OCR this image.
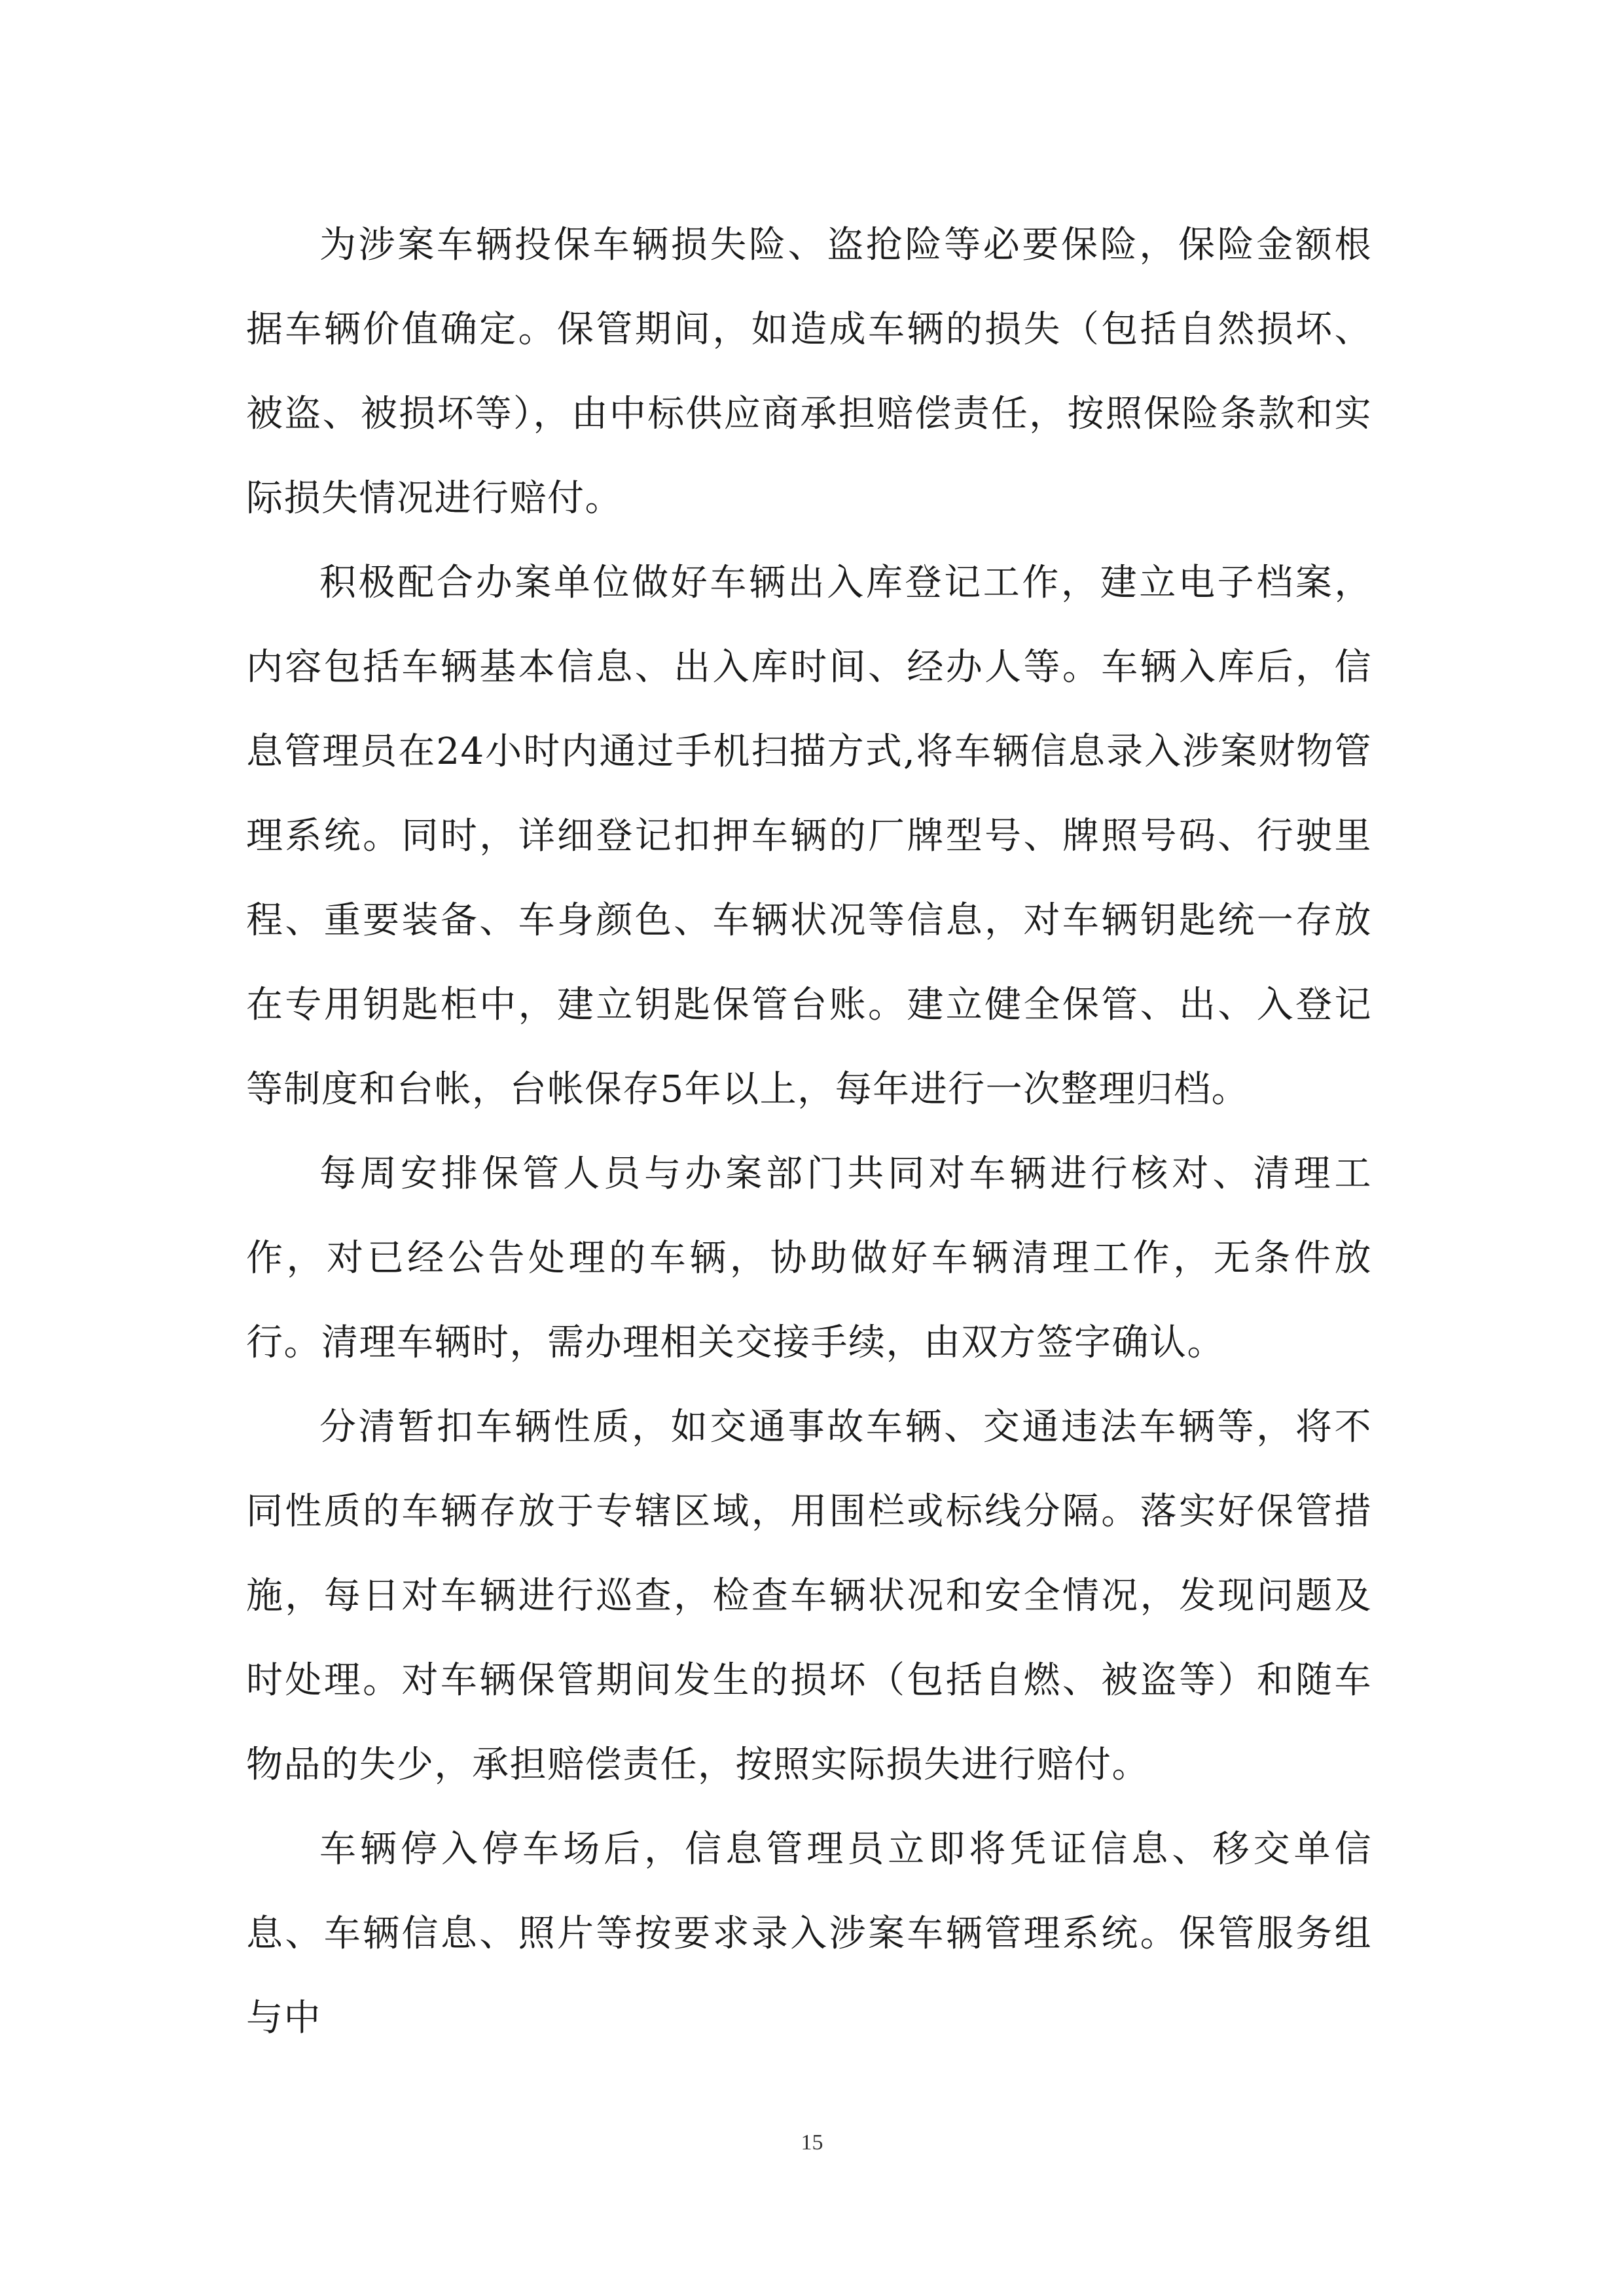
为涉案车辆投保车辆损失险、盗抢险等必要保险，保险金额根据车辆价值确定。保管期间，如造成车辆的损失（包括自然损坏、被盗、被损坏等），由中标供应商承担赔偿责任，按照保险条款和实际损失情况进行赔付。

积极配合办案单位做好车辆出入库登记工作，建立电子档案，内容包括车辆基本信息、出入库时间、经办人等。车辆入库后，信息管理员在24小时内通过手机扫描方式,将车辆信息录入涉案财物管理系统。同时，详细登记扣押车辆的厂牌型号、牌照号码、行驶里程、重要装备、车身颜色、车辆状况等信息，对车辆钥匙统一存放在专用钥匙柜中，建立钥匙保管台账。建立健全保管、出、入登记等制度和台帐，台帐保存5年以上，每年进行一次整理归档。

每周安排保管人员与办案部门共同对车辆进行核对、清理工作，对已经公告处理的车辆，协助做好车辆清理工作，无条件放行。清理车辆时，需办理相关交接手续，由双方签字确认。

分清暂扣车辆性质，如交通事故车辆、交通违法车辆等，将不同性质的车辆存放于专辖区域，用围栏或标线分隔。落实好保管措施，每日对车辆进行巡查，检查车辆状况和安全情况，发现问题及时处理。对车辆保管期间发生的损坏（包括自燃、被盗等）和随车物品的失少，承担赔偿责任，按照实际损失进行赔付。

车辆停入停车场后，信息管理员立即将凭证信息、移交单信息、车辆信息、照片等按要求录入涉案车辆管理系统。保管服务组与中

15
